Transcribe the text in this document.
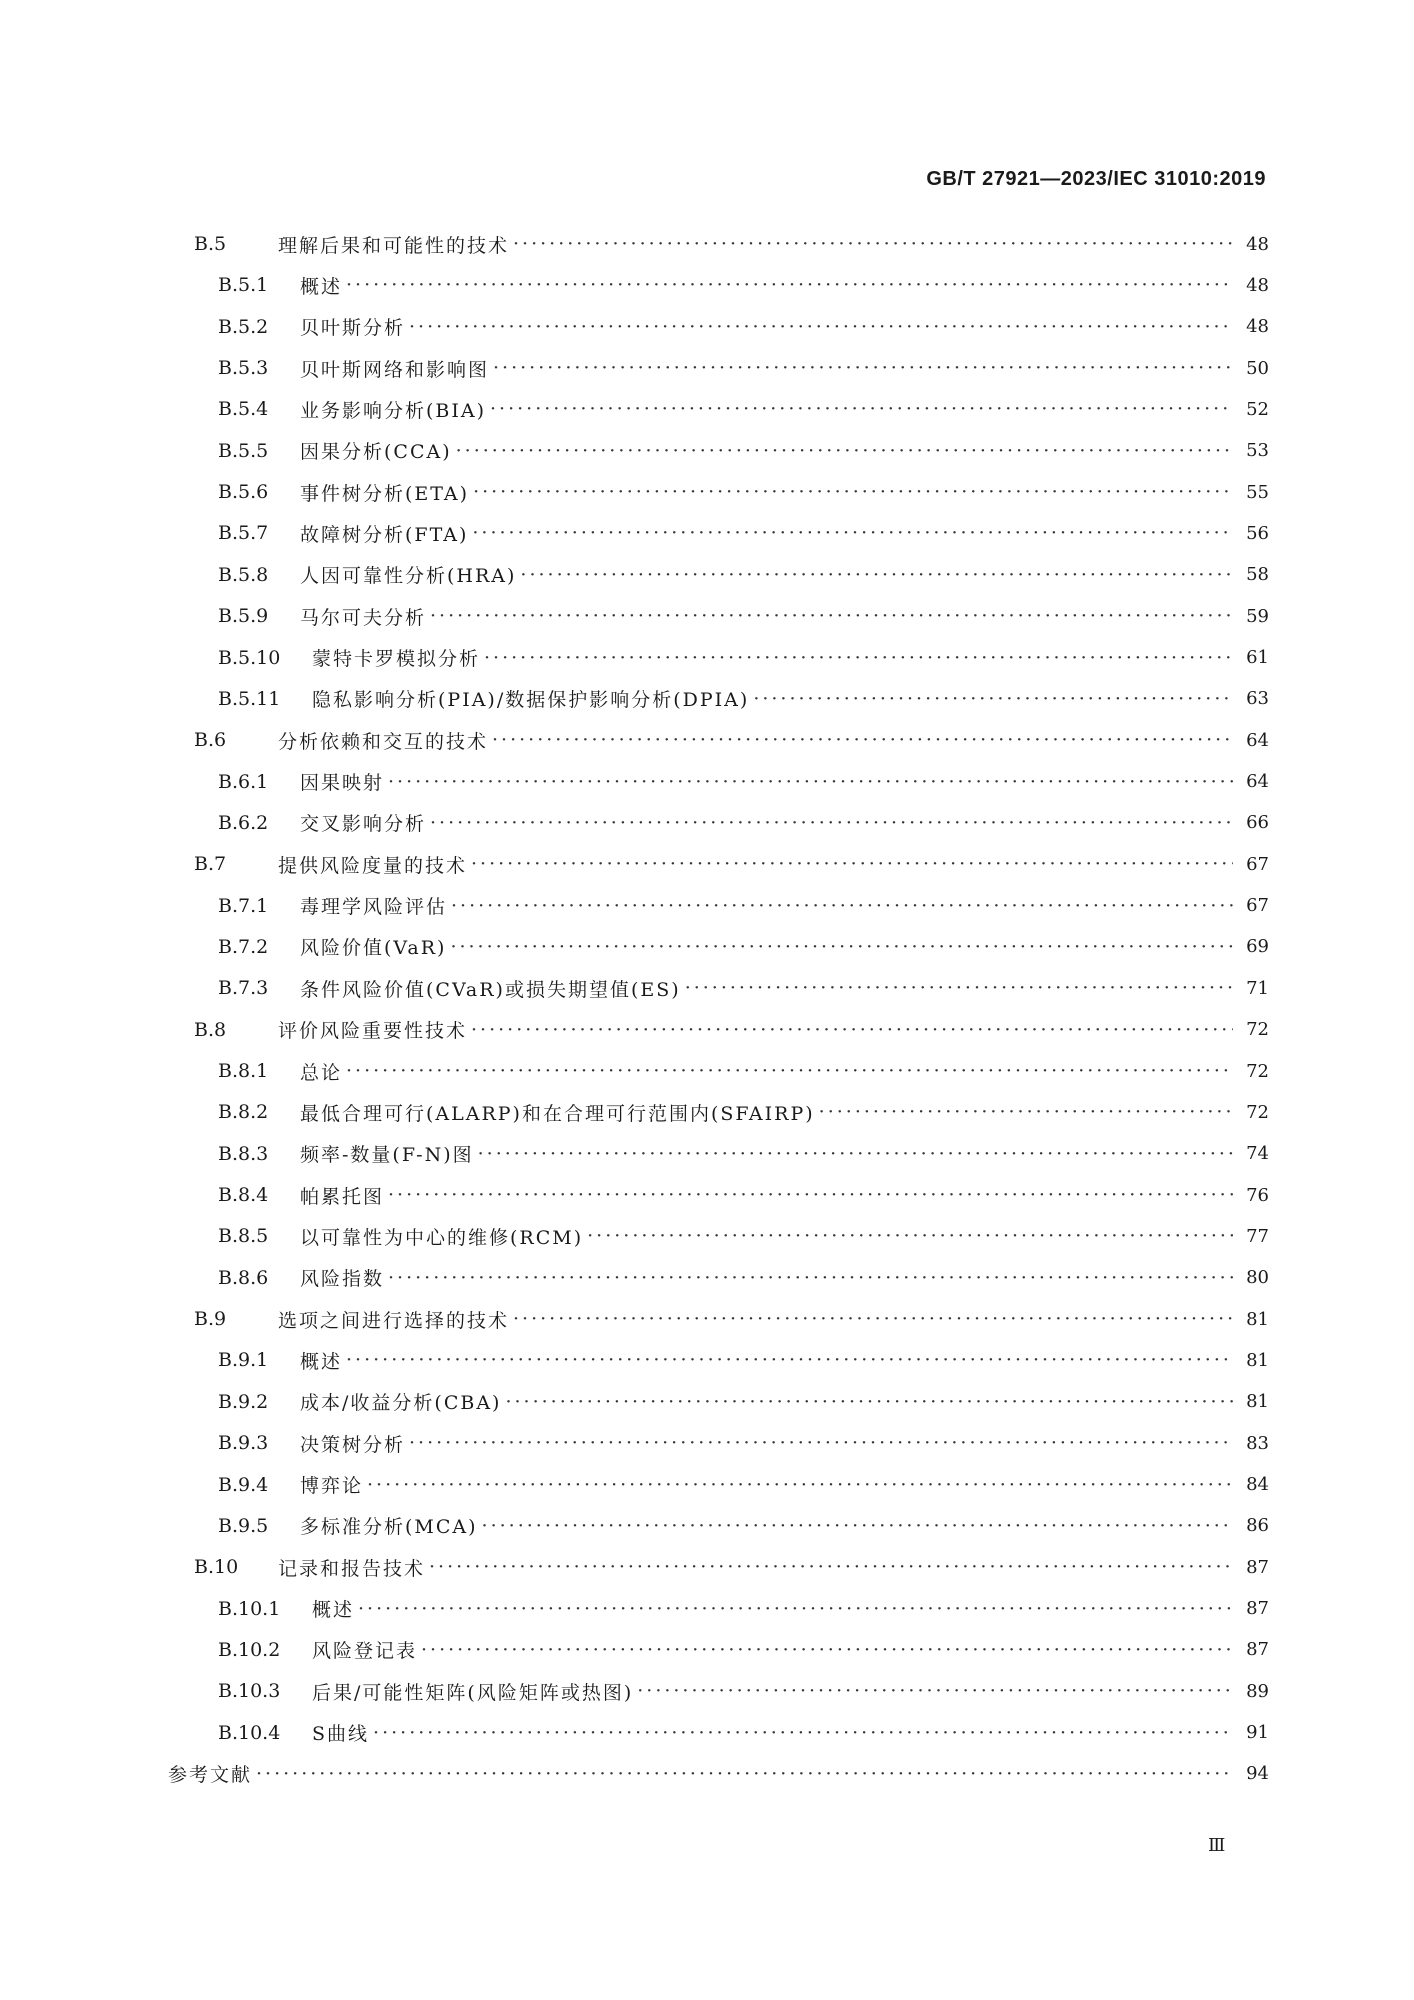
GB/T 27921—2023/IEC 31010:2019
B.5	理解后果和可能性的技术 ·····	48
B.5.1	概述 ·····	48
B.5.2	贝叶斯分析 ·····	48
B.5.3	贝叶斯网络和影响图 ·····	50
B.5.4	业务影响分析(BIA) ·····	52
B.5.5	因果分析(CCA) ·····	53
B.5.6	事件树分析(ETA) ·····	55
B.5.7	故障树分析(FTA) ·····	56
B.5.8	人因可靠性分析(HRA) ·····	58
B.5.9	马尔可夫分析 ·····	59
B.5.10	蒙特卡罗模拟分析 ·····	61
B.5.11	隐私影响分析(PIA)/数据保护影响分析(DPIA) ·····	63
B.6	分析依赖和交互的技术 ·····	64
B.6.1	因果映射 ·····	64
B.6.2	交叉影响分析 ·····	66
B.7	提供风险度量的技术 ·····	67
B.7.1	毒理学风险评估 ·····	67
B.7.2	风险价值(VaR) ·····	69
B.7.3	条件风险价值(CVaR)或损失期望值(ES) ·····	71
B.8	评价风险重要性技术 ·····	72
B.8.1	总论 ·····	72
B.8.2	最低合理可行(ALARP)和在合理可行范围内(SFAIRP) ·····	72
B.8.3	频率-数量(F-N)图 ·····	74
B.8.4	帕累托图 ·····	76
B.8.5	以可靠性为中心的维修(RCM) ·····	77
B.8.6	风险指数 ·····	80
B.9	选项之间进行选择的技术 ·····	81
B.9.1	概述 ·····	81
B.9.2	成本/收益分析(CBA) ·····	81
B.9.3	决策树分析 ·····	83
B.9.4	博弈论 ·····	84
B.9.5	多标准分析(MCA) ·····	86
B.10	记录和报告技术 ·····	87
B.10.1	概述 ·····	87
B.10.2	风险登记表 ·····	87
B.10.3	后果/可能性矩阵(风险矩阵或热图) ·····	89
B.10.4	S曲线 ·····	91
参考文献 ·····	94
Ⅲ
